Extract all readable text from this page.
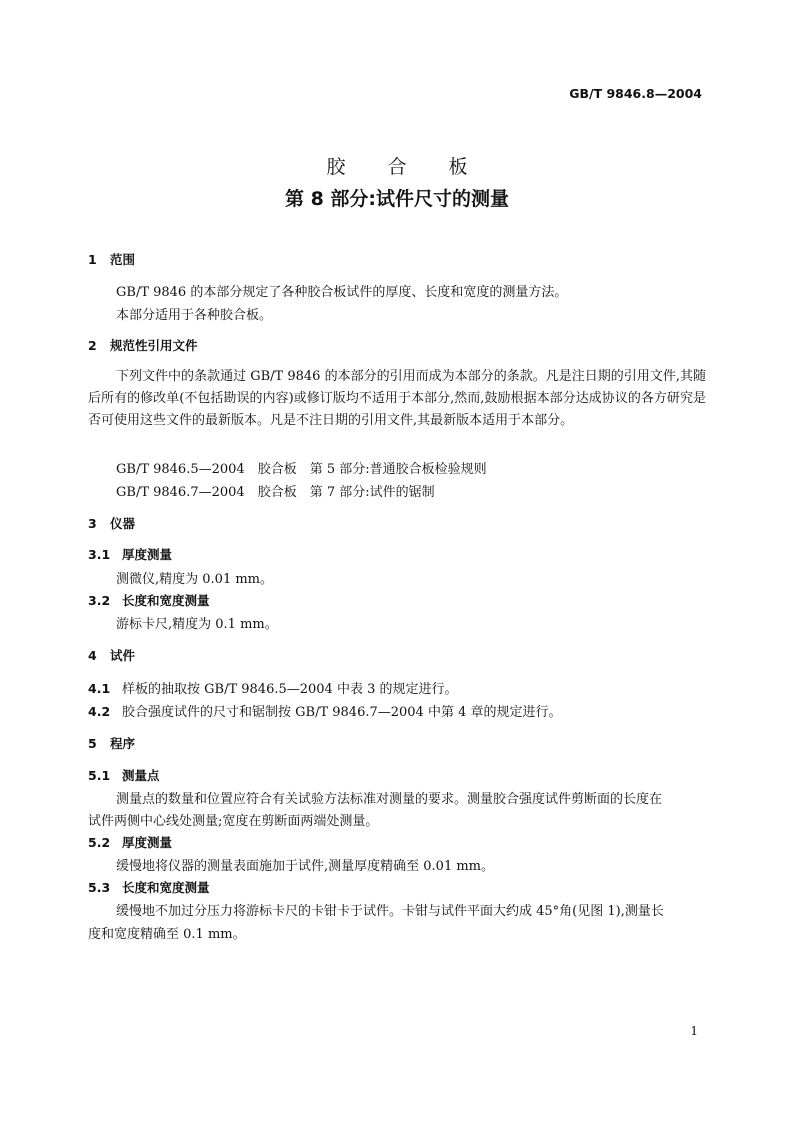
GB/T 9846.8—2004
胶合板
第 8 部分:试件尺寸的测量
1 范围
GB/T 9846 的本部分规定了各种胶合板试件的厚度、长度和宽度的测量方法。
本部分适用于各种胶合板。
2 规范性引用文件
下列文件中的条款通过 GB/T 9846 的本部分的引用而成为本部分的条款。凡是注日期的引用文件,其随后所有的修改单(不包括勘误的内容)或修订版均不适用于本部分,然而,鼓励根据本部分达成协议的各方研究是否可使用这些文件的最新版本。凡是不注日期的引用文件,其最新版本适用于本部分。
GB/T 9846.5—2004　胶合板　第 5 部分:普通胶合板检验规则
GB/T 9846.7—2004　胶合板　第 7 部分:试件的锯制
3 仪器
3.1 厚度测量
测微仪,精度为 0.01 mm。
3.2 长度和宽度测量
游标卡尺,精度为 0.1 mm。
4 试件
4.1 样板的抽取按 GB/T 9846.5—2004 中表 3 的规定进行。
4.2 胶合强度试件的尺寸和锯制按 GB/T 9846.7—2004 中第 4 章的规定进行。
5 程序
5.1 测量点
测量点的数量和位置应符合有关试验方法标准对测量的要求。测量胶合强度试件剪断面的长度在
试件两侧中心线处测量;宽度在剪断面两端处测量。
5.2 厚度测量
缓慢地将仪器的测量表面施加于试件,测量厚度精确至 0.01 mm。
5.3 长度和宽度测量
缓慢地不加过分压力将游标卡尺的卡钳卡于试件。卡钳与试件平面大约成 45°角(见图 1),测量长
度和宽度精确至 0.1 mm。
1
